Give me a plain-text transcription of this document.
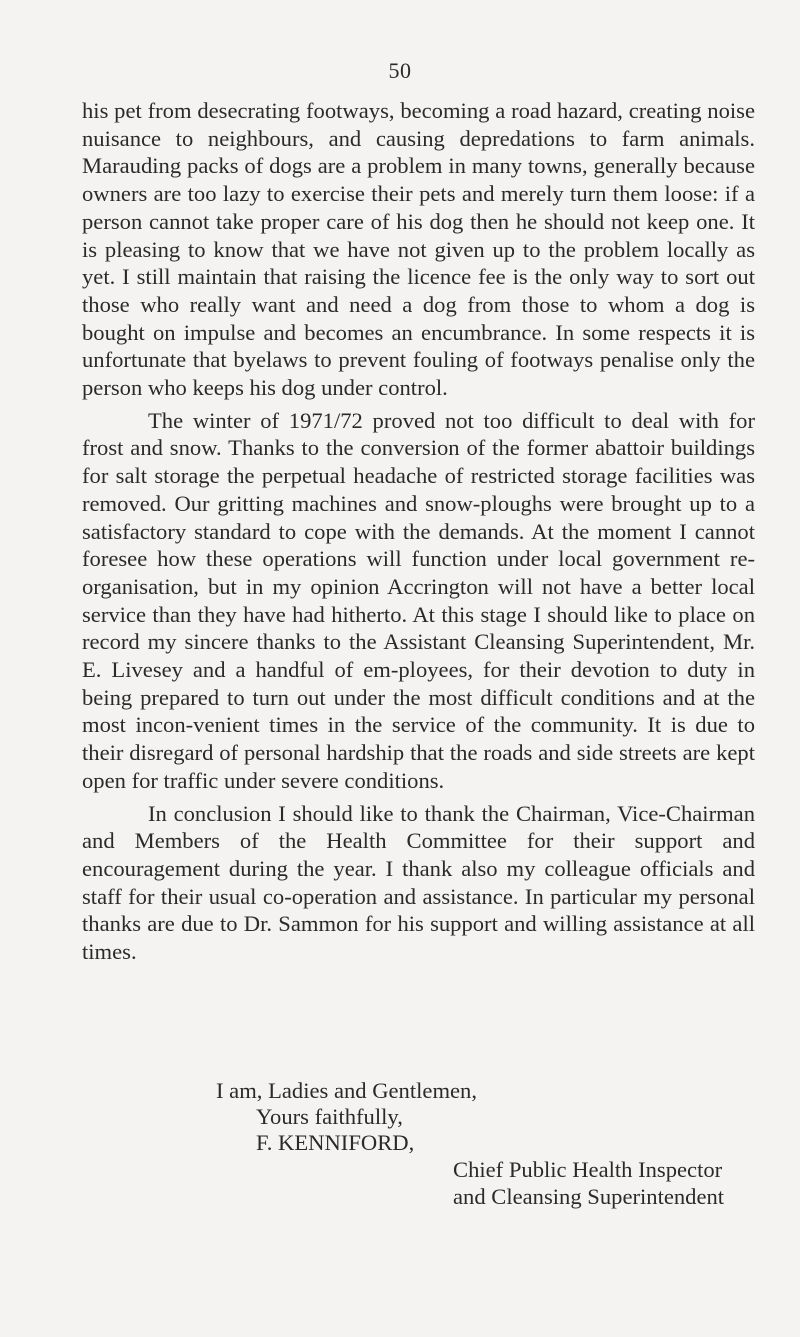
50

his pet from desecrating footways, becoming a road hazard, creating noise nuisance to neighbours, and causing depredations to farm animals. Marauding packs of dogs are a problem in many towns, generally because owners are too lazy to exercise their pets and merely turn them loose: if a person cannot take proper care of his dog then he should not keep one. It is pleasing to know that we have not given up to the problem locally as yet. I still maintain that raising the licence fee is the only way to sort out those who really want and need a dog from those to whom a dog is bought on impulse and becomes an encumbrance. In some respects it is unfortunate that byelaws to prevent fouling of footways penalise only the person who keeps his dog under control.

The winter of 1971/72 proved not too difficult to deal with for frost and snow. Thanks to the conversion of the former abattoir buildings for salt storage the perpetual headache of restricted storage facilities was removed. Our gritting machines and snow-ploughs were brought up to a satisfactory standard to cope with the demands. At the moment I cannot foresee how these operations will function under local government re-organisation, but in my opinion Accrington will not have a better local service than they have had hitherto. At this stage I should like to place on record my sincere thanks to the Assistant Cleansing Superintendent, Mr. E. Livesey and a handful of em-ployees, for their devotion to duty in being prepared to turn out under the most difficult conditions and at the most incon-venient times in the service of the community. It is due to their disregard of personal hardship that the roads and side streets are kept open for traffic under severe conditions.

In conclusion I should like to thank the Chairman, Vice-Chairman and Members of the Health Committee for their support and encouragement during the year. I thank also my colleague officials and staff for their usual co-operation and assistance. In particular my personal thanks are due to Dr. Sammon for his support and willing assistance at all times.

I am, Ladies and Gentlemen,
Yours faithfully,
F. KENNIFORD,
Chief Public Health Inspector
and Cleansing Superintendent
